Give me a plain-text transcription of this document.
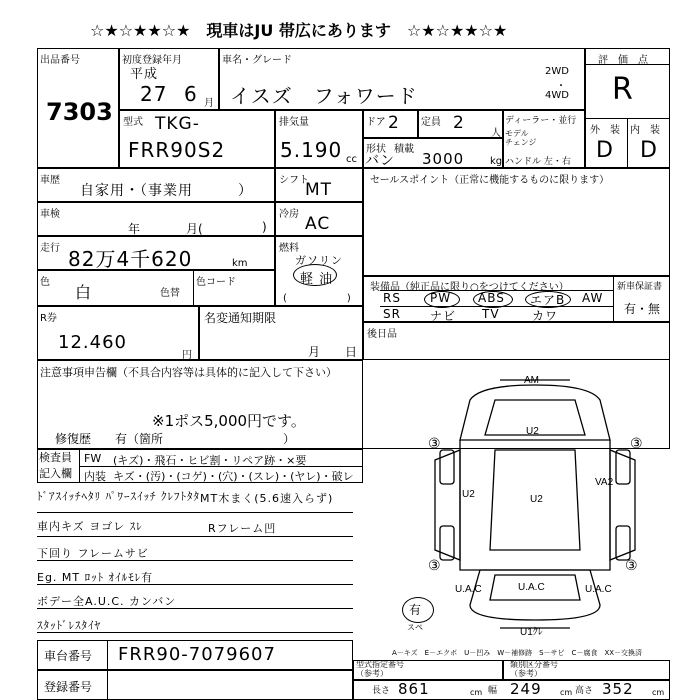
☆★☆★★☆★　現車はJU 帯広にあります　☆★☆★★☆★
出品番号
7303
初度登録年月
平成
27 6 月
車名・グレード
イスズ　フォワード
2WD
・
4WD
評　価　点
R
外　装 内　装
D D
型式 TKG-
FRR90S2
排気量
5.190 cc
ドア 2 定員 2
人
ディーラー・並行
モデル
チェンジ
ハンドル 左・右
形状
バン
積載
3000	kg
車歴
自家用・（事業用　　　）
シフト
MT	セールスポイント（正常に機能するものに限ります）
車検
年	月(	)
冷房 AC
走行 82万4千620	km
燃料
ガソリン
軽 油
(　　　　　　)
色
白	色替
色コード	装備品（純正品に限り○をつけてください）	新車保証書
有・無
RS PW ABS エアB AW
SR ナビ TV	カワ
R券
12.460
円
名変通知期限
月 日
後日品
注意事項申告欄（不具合内容等は具体的に記入して下さい）
※1ポス5,000円です。
修復歴　　有（箇所　　　　　　　　　　）
検査員
記入欄
FW (キズ)・飛石・ヒビ割・リペア跡・×要
内装 キズ・(汚)・(コゲ)・(穴)・(スレ)・(ヤレ)・破レ
ﾄﾞｱｽｲｯﾁﾍﾀﾘ ﾊﾟﾜｰｽｲｯﾁ ｸﾚﾌﾄﾀﾀ MT木まく(5.6速入らず)
車内キズ ヨゴレ ｽﾚ	Rフレーム凹
下回り フレームサビ
Eg. MT ﾛｯﾄ ｵｲﾙﾓﾚ有
ボデー全A.U.C. カンバン
ｽﾀｯﾄﾞﾚｽﾀｲﾔ
AM
U2
U2
U2
VA2
U.A.C
U.A.C	U.A.C
U1ｸﾚ
③	③
③	③
有
スペ
A－キズ　E－エクボ　U－凹み　W－補修跡　S－サビ　C－腐食　XX－交換済
車台番号 FRR90-7079607
登録番号
型式指定番号
（参考）
類別区分番号
（参考）
長さ 861	cm 幅 249 cm 高さ 352 cm
